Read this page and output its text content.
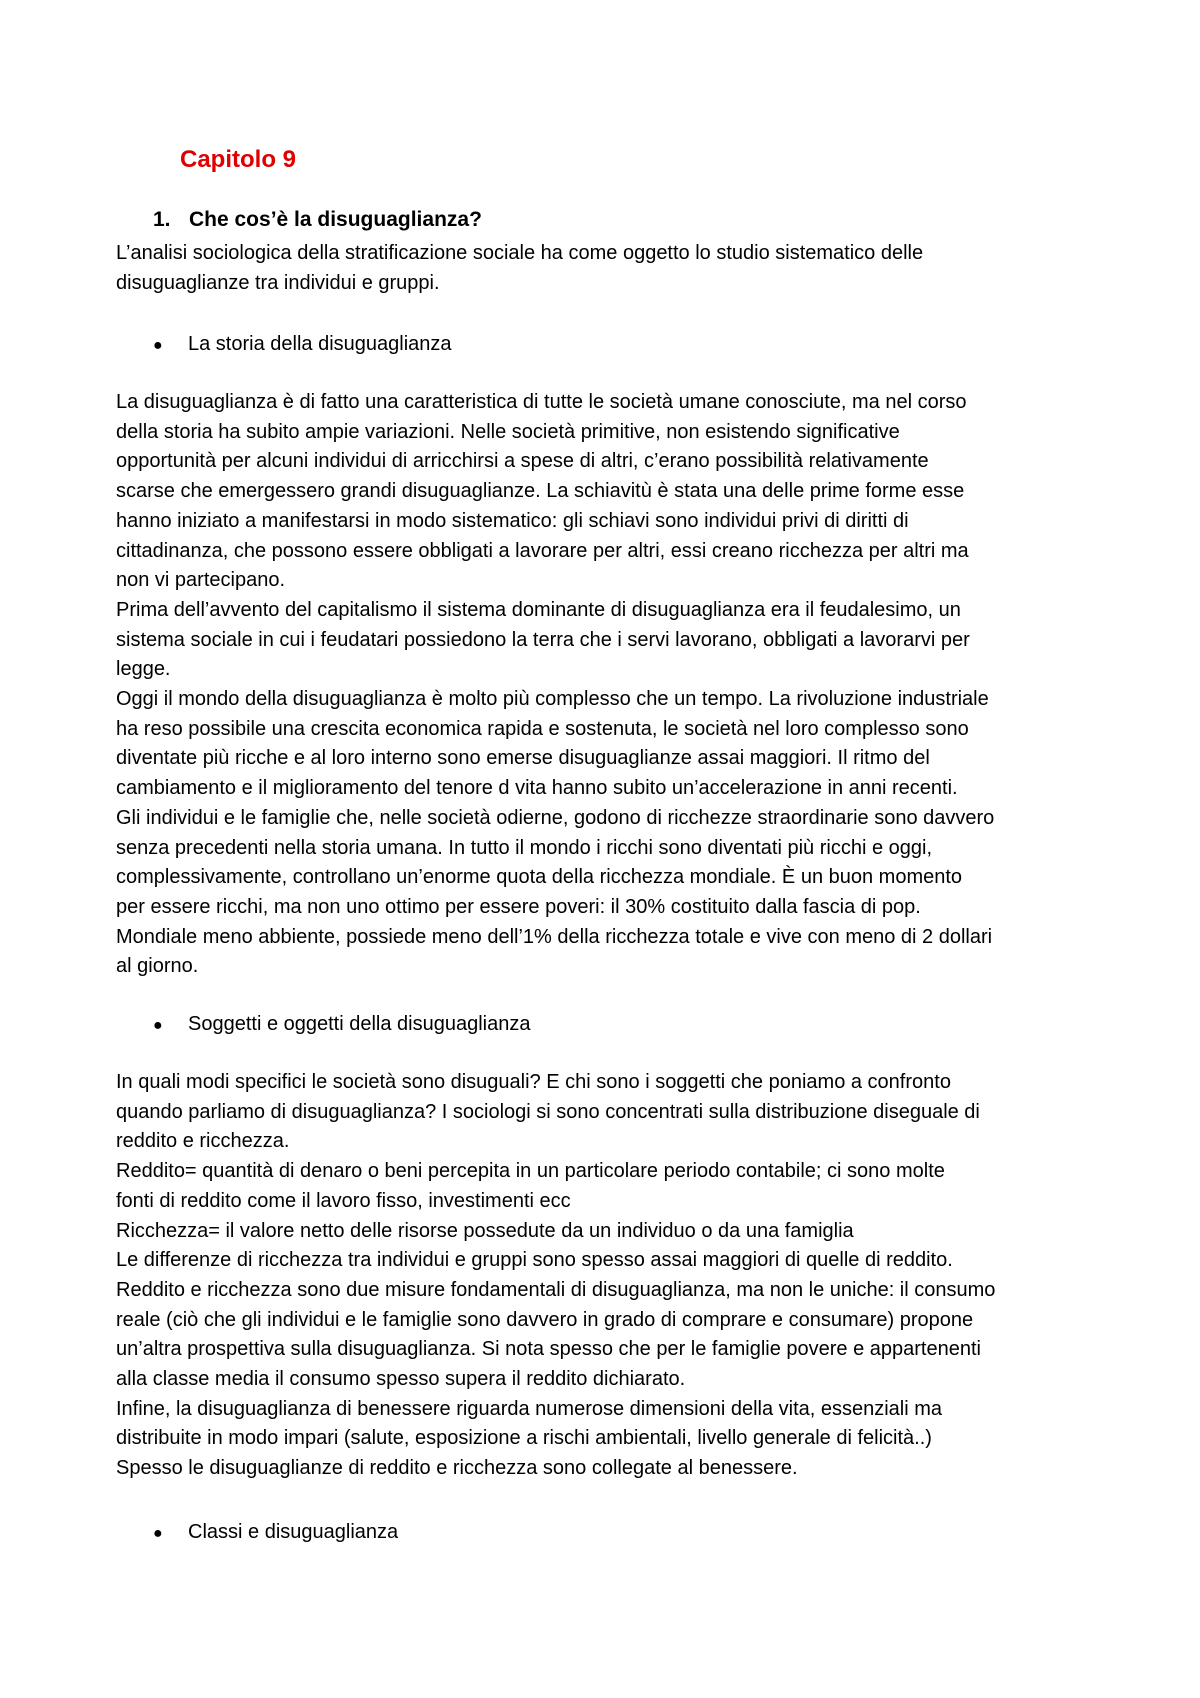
Capitolo 9
1. Che cos’è la disuguaglianza?

L’analisi sociologica della stratificazione sociale ha come oggetto lo studio sistematico delle
disuguaglianze tra individui e gruppi.

● La storia della disuguaglianza

La disuguaglianza è di fatto una caratteristica di tutte le società umane conosciute, ma nel corso
della storia ha subito ampie variazioni. Nelle società primitive, non esistendo significative
opportunità per alcuni individui di arricchirsi a spese di altri, c’erano possibilità relativamente
scarse che emergessero grandi disuguaglianze. La schiavitù è stata una delle prime forme esse
hanno iniziato a manifestarsi in modo sistematico: gli schiavi sono individui privi di diritti di
cittadinanza, che possono essere obbligati a lavorare per altri, essi creano ricchezza per altri ma
non vi partecipano.
Prima dell’avvento del capitalismo il sistema dominante di disuguaglianza era il feudalesimo, un
sistema sociale in cui i feudatari possiedono la terra che i servi lavorano, obbligati a lavorarvi per
legge.
Oggi il mondo della disuguaglianza è molto più complesso che un tempo. La rivoluzione industriale
ha reso possibile una crescita economica rapida e sostenuta, le società nel loro complesso sono
diventate più ricche e al loro interno sono emerse disuguaglianze assai maggiori. Il ritmo del
cambiamento e il miglioramento del tenore d vita hanno subito un’accelerazione in anni recenti.
Gli individui e le famiglie che, nelle società odierne, godono di ricchezze straordinarie sono davvero
senza precedenti nella storia umana. In tutto il mondo i ricchi sono diventati più ricchi e oggi,
complessivamente, controllano un’enorme quota della ricchezza mondiale. È un buon momento
per essere ricchi, ma non uno ottimo per essere poveri: il 30% costituito dalla fascia di pop.
Mondiale meno abbiente, possiede meno dell’1% della ricchezza totale e vive con meno di 2 dollari
al giorno.

● Soggetti e oggetti della disuguaglianza

In quali modi specifici le società sono disuguali? E chi sono i soggetti che poniamo a confronto
quando parliamo di disuguaglianza? I sociologi si sono concentrati sulla distribuzione diseguale di
reddito e ricchezza.
Reddito= quantità di denaro o beni percepita in un particolare periodo contabile; ci sono molte
fonti di reddito come il lavoro fisso, investimenti ecc
Ricchezza= il valore netto delle risorse possedute da un individuo o da una famiglia
Le differenze di ricchezza tra individui e gruppi sono spesso assai maggiori di quelle di reddito.
Reddito e ricchezza sono due misure fondamentali di disuguaglianza, ma non le uniche: il consumo
reale (ciò che gli individui e le famiglie sono davvero in grado di comprare e consumare) propone
un’altra prospettiva sulla disuguaglianza. Si nota spesso che per le famiglie povere e appartenenti
alla classe media il consumo spesso supera il reddito dichiarato.
Infine, la disuguaglianza di benessere riguarda numerose dimensioni della vita, essenziali ma
distribuite in modo impari (salute, esposizione a rischi ambientali, livello generale di felicità..)
Spesso le disuguaglianze di reddito e ricchezza sono collegate al benessere.

● Classi e disuguaglianza
